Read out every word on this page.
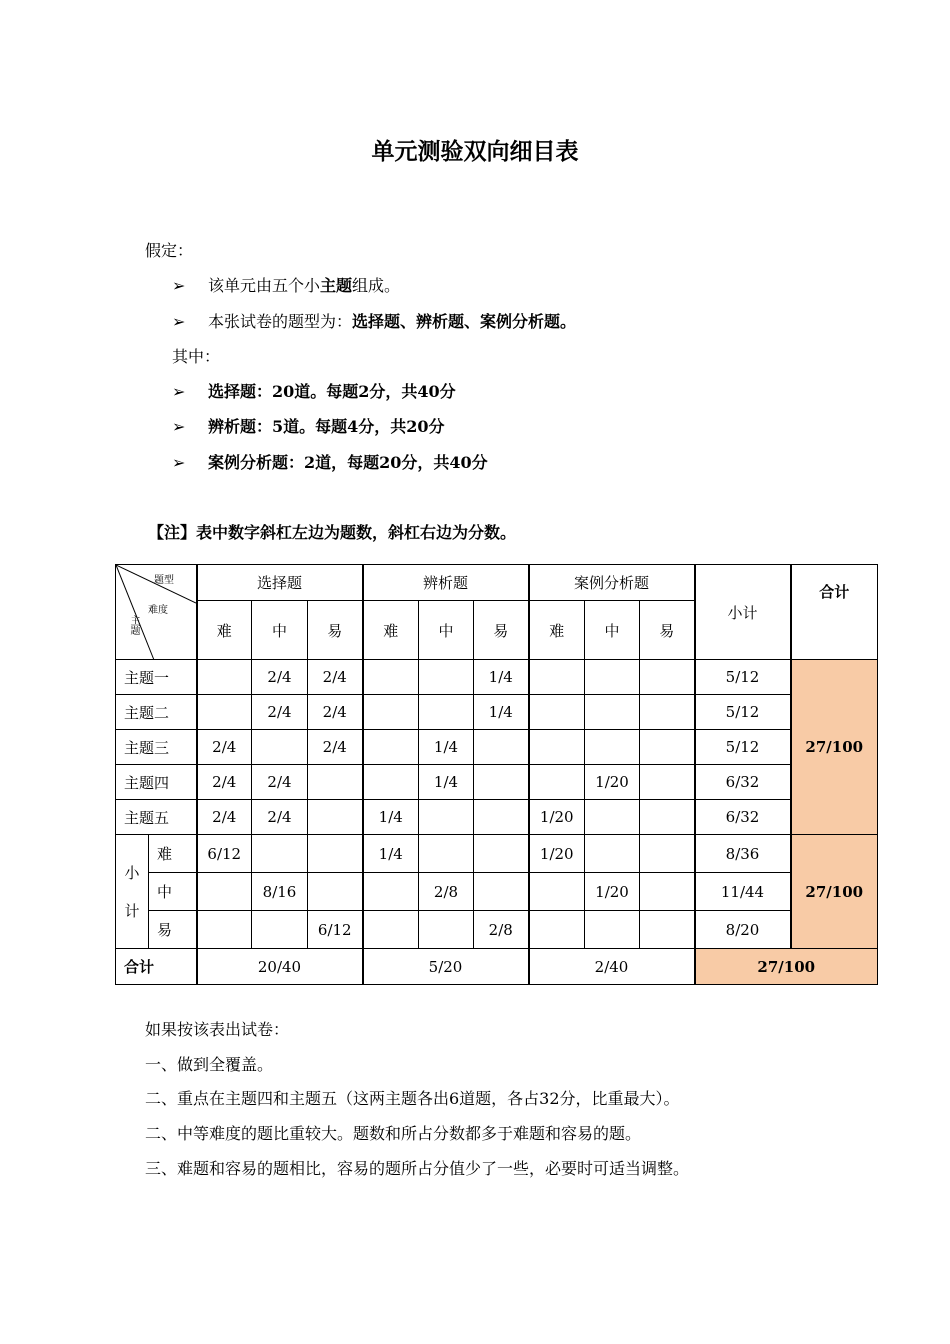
单元测验双向细目表
假定：
➢ 该单元由五个小主题组成。
➢ 本张试卷的题型为：选择题、辨析题、案例分析题。
其中：
➢ 选择题：20道。每题2分，共40分
➢ 辨析题：5道。每题4分，共20分
➢ 案例分析题：2道，每题20分，共40分
【注】表中数字斜杠左边为题数，斜杠右边为分数。
题型
难度
主题		选择题			辨析题			案例分析题			小计	合计
		难	中	易	难	中	易	难	中	易		
主题一			2/4	2/4			1/4				5/12	27/100
主题二			2/4	2/4			1/4				5/12	
主题三		2/4		2/4		1/4					5/12	
主题四		2/4	2/4			1/4			1/20		6/32	
主题五		2/4	2/4		1/4			1/20			6/32	
小计	难	6/12			1/4			1/20			8/36	27/100
	中		8/16			2/8			1/20		11/44	
	易			6/12			2/8				8/20	
合计		20/40			5/20			2/40			27/100	
如果按该表出试卷：
一、做到全覆盖。
二、重点在主题四和主题五（这两主题各出6道题，各占32分，比重最大）。
二、中等难度的题比重较大。题数和所占分数都多于难题和容易的题。
三、难题和容易的题相比，容易的题所占分值少了一些，必要时可适当调整。
